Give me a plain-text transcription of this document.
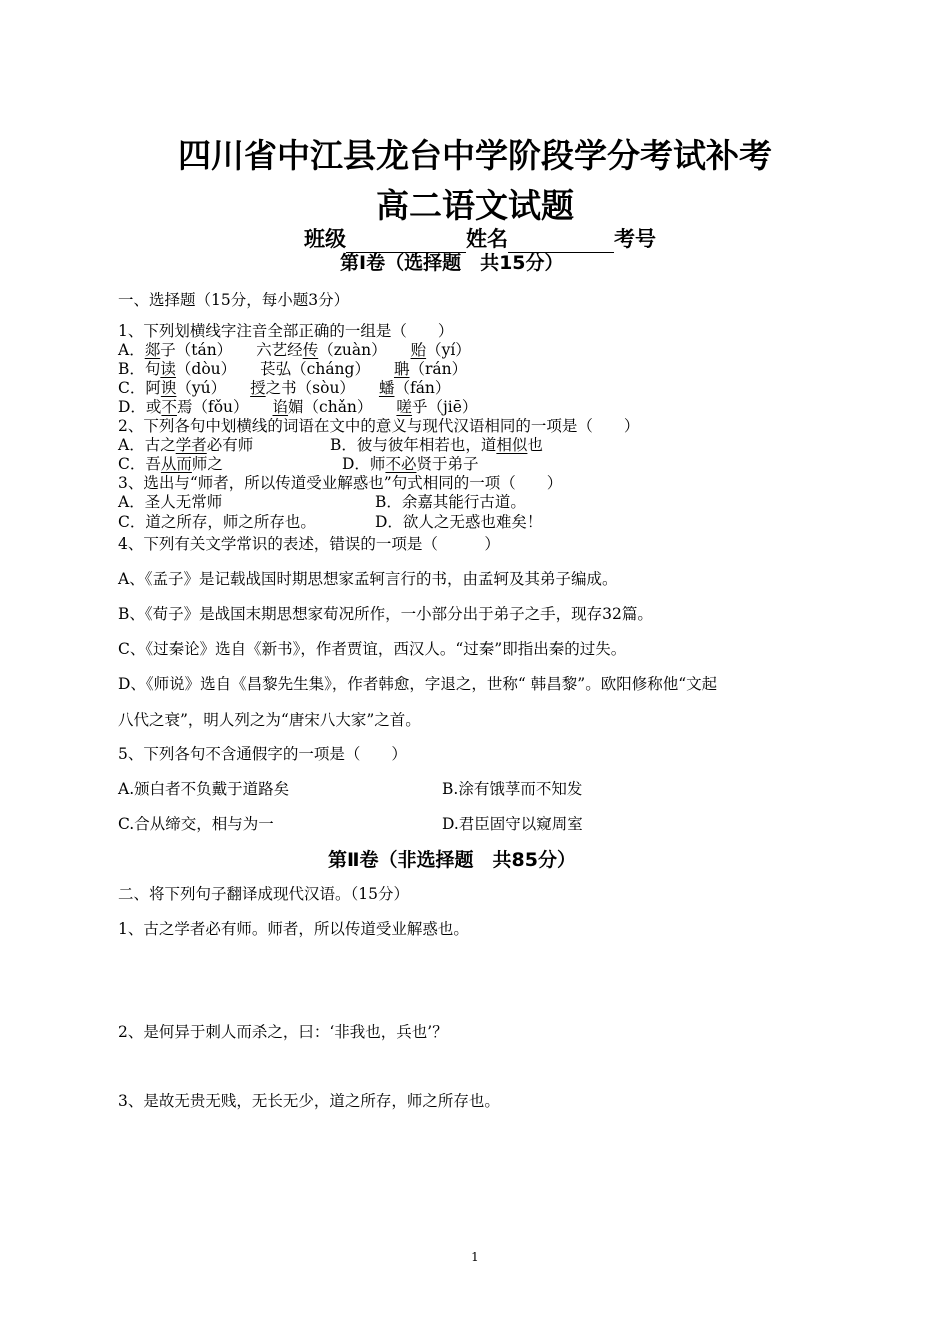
四川省中江县龙台中学阶段学分考试补考
高二语文试题
班级	姓名	考号
第Ⅰ卷（选择题　共15分）
一、选择题（15分，每小题3分）
1、下列划横线字注音全部正确的一组是（　　）
A．郯子（tán） 六艺经传（zuàn） 贻（yí）
B．句读（dòu） 苌弘（cháng） 聃（rán）
C．阿谀（yú） 授之书（sòu） 蟠（fán）
D．或不焉（fǒu） 谄媚（chǎn） 嗟乎（jiē）
2、下列各句中划横线的词语在文中的意义与现代汉语相同的一项是（　　）
A．古之学者必有师	B．彼与彼年相若也，道相似也
C．吾从而师之	D．师不必贤于弟子
3、选出与“师者，所以传道受业解惑也”句式相同的一项（　　）
A．圣人无常师	B．余嘉其能行古道。
C．道之所存，师之所存也。	D．欲人之无惑也难矣！
4、下列有关文学常识的表述，错误的一项是（　　　）
A、《孟子》是记载战国时期思想家孟轲言行的书，由孟轲及其弟子编成。
B、《荀子》是战国末期思想家荀况所作，一小部分出于弟子之手，现存32篇。
C、《过秦论》选自《新书》，作者贾谊，西汉人。“过秦”即指出秦的过失。
D、《师说》选自《昌黎先生集》，作者韩愈，字退之，世称“ 韩昌黎”。欧阳修称他“文起
八代之衰”，明人列之为“唐宋八大家”之首。
5、下列各句不含通假字的一项是（　　）
A.颁白者不负戴于道路矣	B.涂有饿莩而不知发
C.合从缔交，相与为一	D.君臣固守以窥周室
第Ⅱ卷（非选择题　共85分）
二、将下列句子翻译成现代汉语。（15分）
1、古之学者必有师。师者，所以传道受业解惑也。
2、是何异于刺人而杀之，曰：‘非我也，兵也’？
3、是故无贵无贱，无长无少，道之所存，师之所存也。
1
